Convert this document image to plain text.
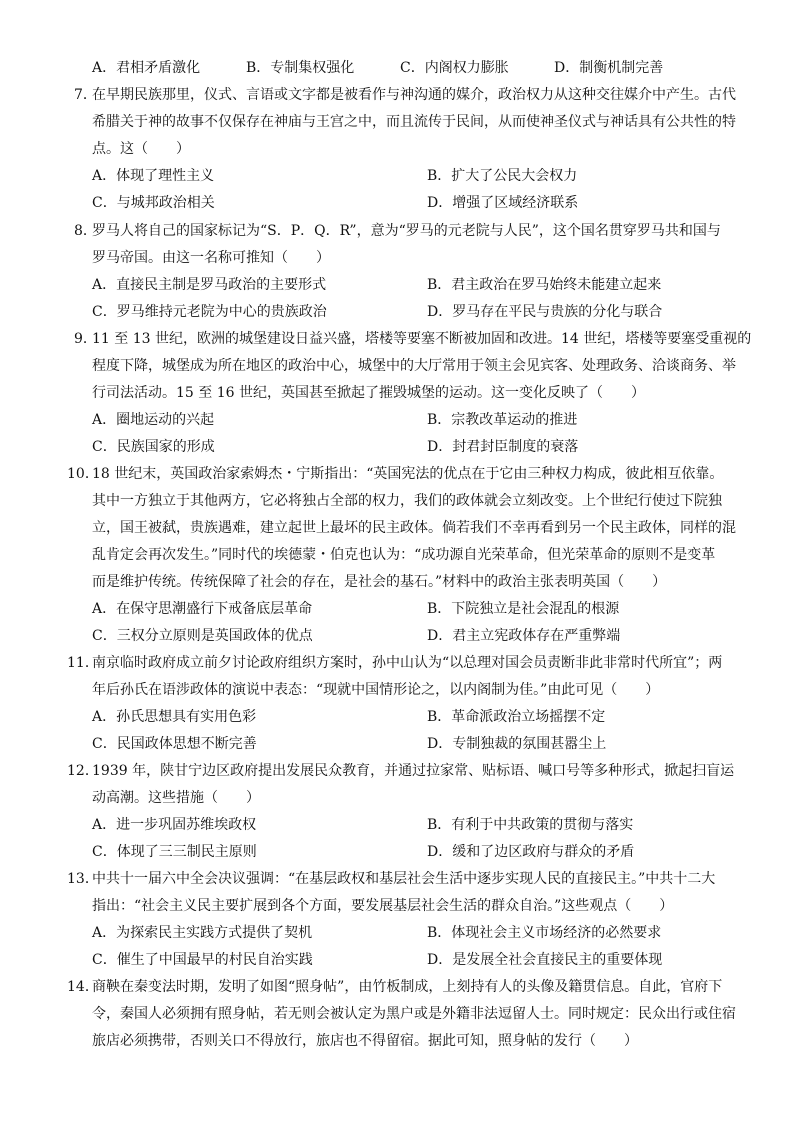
A．君相矛盾激化	B．专制集权强化	C．内阁权力膨胀	D．制衡机制完善
7．
在早期民族那里，仪式、言语或文字都是被看作与神沟通的媒介，政治权力从这种交往媒介中产生。古代
希腊关于神的故事不仅保存在神庙与王宫之中，而且流传于民间，从而使神圣仪式与神话具有公共性的特
点。这（　　）
A．体现了理性主义	B．扩大了公民大会权力
C．与城邦政治相关	D．增强了区域经济联系
8．
罗马人将自己的国家标记为“S．P．Q．R”，意为“罗马的元老院与人民”，这个国名贯穿罗马共和国与
罗马帝国。由这一名称可推知（　　）
A．直接民主制是罗马政治的主要形式	B．君主政治在罗马始终未能建立起来
C．罗马维持元老院为中心的贵族政治	D．罗马存在平民与贵族的分化与联合
9．
11 至 13 世纪，欧洲的城堡建设日益兴盛，塔楼等要塞不断被加固和改进。14 世纪，塔楼等要塞受重视的
程度下降，城堡成为所在地区的政治中心，城堡中的大厅常用于领主会见宾客、处理政务、洽谈商务、举
行司法活动。15 至 16 世纪，英国甚至掀起了摧毁城堡的运动。这一变化反映了（　　）
A．圈地运动的兴起	B．宗教改革运动的推进
C．民族国家的形成	D．封君封臣制度的衰落
10．
18 世纪末，英国政治家索姆杰・宁斯指出：“英国宪法的优点在于它由三种权力构成，彼此相互依靠。
其中一方独立于其他两方，它必将独占全部的权力，我们的政体就会立刻改变。上个世纪行使过下院独
立，国王被弑，贵族遇难，建立起世上最坏的民主政体。倘若我们不幸再看到另一个民主政体，同样的混
乱肯定会再次发生。”同时代的埃德蒙・伯克也认为：“成功源自光荣革命，但光荣革命的原则不是变革
而是维护传统。传统保障了社会的存在，是社会的基石。”材料中的政治主张表明英国（　　）
A．在保守思潮盛行下戒备底层革命	B．下院独立是社会混乱的根源
C．三权分立原则是英国政体的优点	D．君主立宪政体存在严重弊端
11．
南京临时政府成立前夕讨论政府组织方案时，孙中山认为“以总理对国会员责断非此非常时代所宜”；两
年后孙氏在语涉政体的演说中表态：“现就中国情形论之，以内阁制为佳。”由此可见（　　）
A．孙氏思想具有实用色彩	B．革命派政治立场摇摆不定
C．民国政体思想不断完善	D．专制独裁的氛围甚嚣尘上
12．
1939 年，陕甘宁边区政府提出发展民众教育，并通过拉家常、贴标语、喊口号等多种形式，掀起扫盲运
动高潮。这些措施（　　）
A．进一步巩固苏维埃政权	B．有利于中共政策的贯彻与落实
C．体现了三三制民主原则	D．缓和了边区政府与群众的矛盾
13．
中共十一届六中全会决议强调：“在基层政权和基层社会生活中逐步实现人民的直接民主。”中共十二大
指出：“社会主义民主要扩展到各个方面，要发展基层社会生活的群众自治。”这些观点（　　）
A．为探索民主实践方式提供了契机	B．体现社会主义市场经济的必然要求
C．催生了中国最早的村民自治实践	D．是发展全社会直接民主的重要体现
14．
商鞅在秦变法时期，发明了如图“照身帖”，由竹板制成，上刻持有人的头像及籍贯信息。自此，官府下
令，秦国人必须拥有照身帖，若无则会被认定为黑户或是外籍非法逗留人士。同时规定：民众出行或住宿
旅店必须携带，否则关口不得放行，旅店也不得留宿。据此可知，照身帖的发行（　　）
